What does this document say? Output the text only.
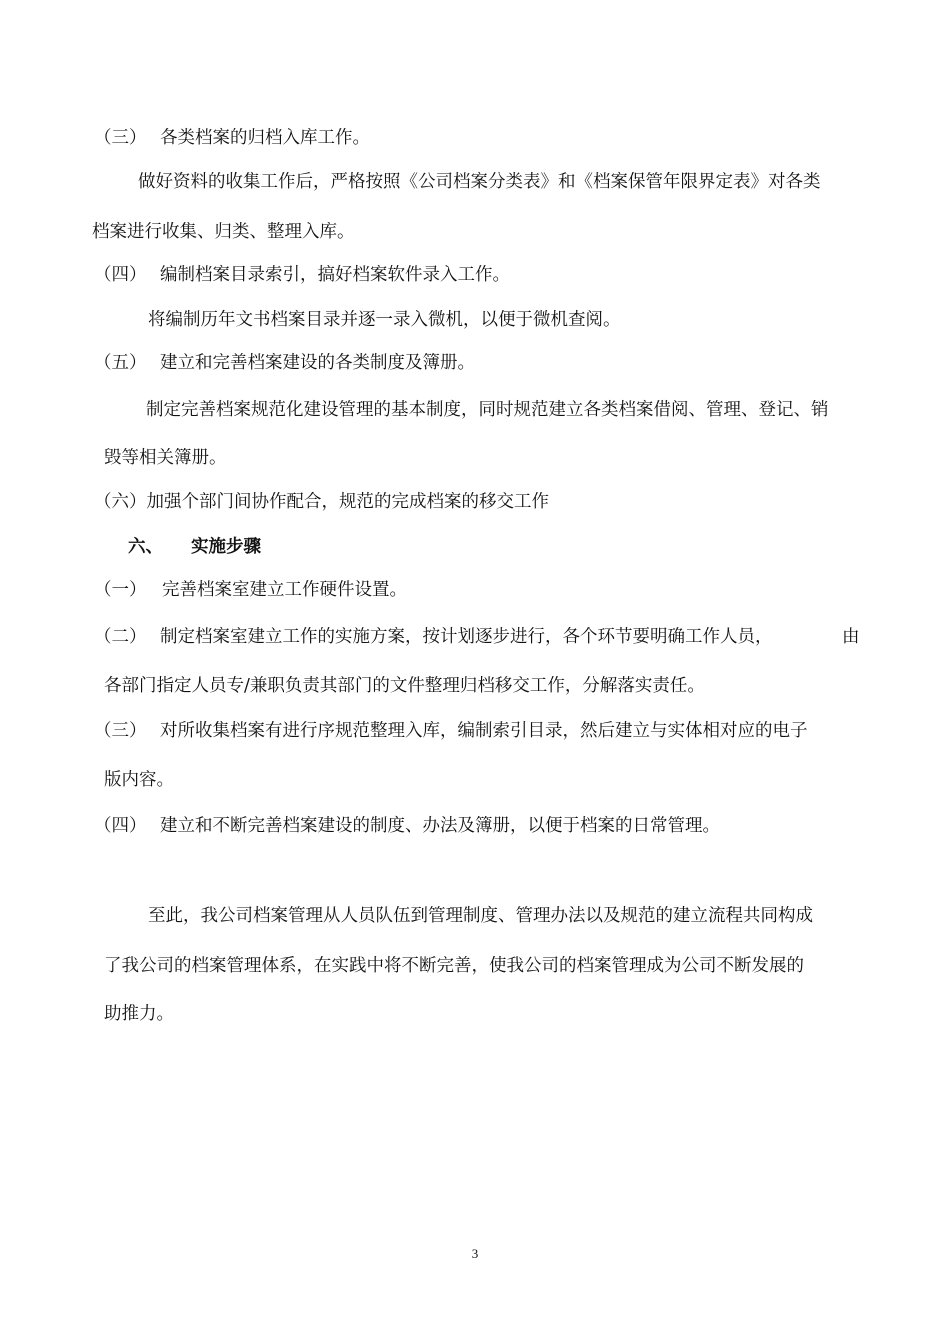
（三） 各类档案的归档入库工作。
做好资料的收集工作后，严格按照《公司档案分类表》和《档案保管年限界定表》对各类
档案进行收集、归类、整理入库。
（四） 编制档案目录索引，搞好档案软件录入工作。
将编制历年文书档案目录并逐一录入微机，以便于微机查阅。
（五） 建立和完善档案建设的各类制度及簿册。
制定完善档案规范化建设管理的基本制度，同时规范建立各类档案借阅、管理、登记、销
毁等相关簿册。
（六）加强个部门间协作配合，规范的完成档案的移交工作
六、 实施步骤
（一） 完善档案室建立工作硬件设置。
（二） 制定档案室建立工作的实施方案，按计划逐步进行，各个环节要明确工作人员，	由
各部门指定人员专/兼职负责其部门的文件整理归档移交工作，分解落实责任。
（三） 对所收集档案有进行序规范整理入库，编制索引目录，然后建立与实体相对应的电子
版内容。
（四） 建立和不断完善档案建设的制度、办法及簿册，以便于档案的日常管理。
至此，我公司档案管理从人员队伍到管理制度、管理办法以及规范的建立流程共同构成
了我公司的档案管理体系，在实践中将不断完善，使我公司的档案管理成为公司不断发展的
助推力。
3
